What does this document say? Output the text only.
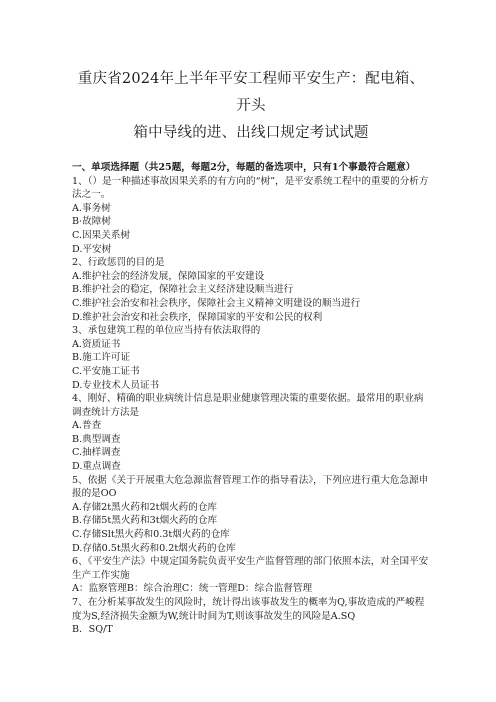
重庆省2024年上半年平安工程师平安生产：配电箱、开头
箱中导线的进、出线口规定考试试题

一、单项选择题（共25题，每题2分，每题的备选项中，只有1个事最符合题意）

1、（）是一种描述事故因果关系的有方向的“树”，是平安系统工程中的重要的分析方法之一。

A.事务树

B·故障树

C.因果关系树

D.平安树

2、行政惩罚的目的是

A.维护社会的经济发展，保障国家的平安建设

B.维护社会的稳定，保障社会主义经济建设顺当进行

C.维护社会治安和社会秩序，保障社会主义精神文明建设的顺当进行

D.维护社会治安和社会秩序，保障国家的平安和公民的权利

3、承包建筑工程的单位应当持有依法取得的

A.资质证书

B.施工许可证

C.平安施工证书

D.专业技术人员证书

4、刚好、精确的职业病统计信息是职业健康管理决策的重要依据。最常用的职业病调查统计方法是

A.普查

B.典型调查

C.抽样调查

D.重点调查

5、依据《关于开展重大危急源监督管理工作的指导看法》，下列应进行重大危急源申报的是OO

A.存储2t黑火药和2t烟火药的仓库

B.存储5t黑火药和3t烟火药的仓库

C.存储Slt黑火药和0.3t烟火药的仓库

D.存储0.5t黑火药和0.2t烟火药的仓库

6、《平安生产法》中规定国务院负责平安生产监督管理的部门依照本法，对全国平安生产工作实施

A：监察管理B：综合治理C：统一管理D：综合监督管理

7、在分析某事故发生的风险时，统计得出该事故发生的概率为Q,事故造成的严峻程度为S,经济损失金额为W,统计时间为T,则该事故发生的风险是A.SQ

B．SQ/T
